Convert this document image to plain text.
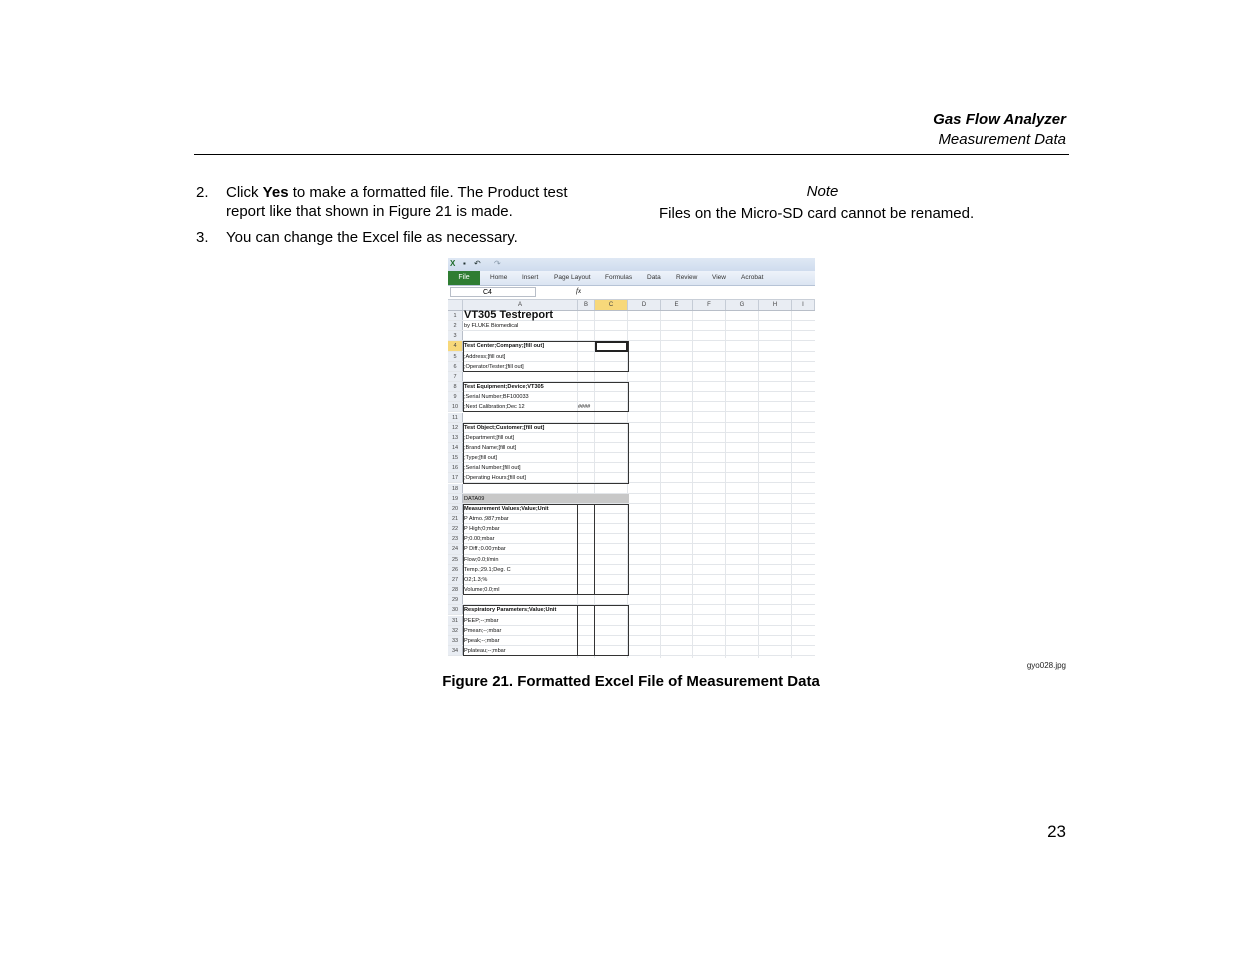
Gas Flow Analyzer
Measurement Data
2. Click Yes to make a formatted file. The Product test report like that shown in Figure 21 is made.
3. You can change the Excel file as necessary.
Note
Files on the Micro-SD card cannot be renamed.
X ▪ ↶ ↷
File	Home Insert Page Layout Formulas Data Review View Acrobat
C4	fx
A	B	C	D	E	F	G	H	I
1 VT305 Testreport
2	by FLUKE Biomedical
3
4	Test Center;Company;[fill out]
5	;Address;[fill out]
6	;Operator/Tester;[fill out]
7
8	Test Equipment;Device;VT305
9	;Serial Number;BF100033
10	;Next Calibration;Dec 12	####
11
12	Test Object;Customer;[fill out]
13	;Department;[fill out]
14	;Brand Name;[fill out]
15	;Type;[fill out]
16	;Serial Number;[fill out]
17	;Operating Hours;[fill out]
18
19	DATA09
20	Measurement Values;Value;Unit
21	P Atmo.;987;mbar
22	P High;0;mbar
23	P;0.00;mbar
24	P Diff.;0.00;mbar
25	Flow;0.0;l/min
26	Temp.;29.1;Deg. C
27	O2;1.3;%
28	Volume;0.0;ml
29
30	Respiratory Parameters;Value;Unit
31	PEEP;--;mbar
32	Pmean;--;mbar
33	Ppeak;--;mbar
34	Pplateau;--;mbar
gyo028.jpg
Figure 21. Formatted Excel File of Measurement Data
23
